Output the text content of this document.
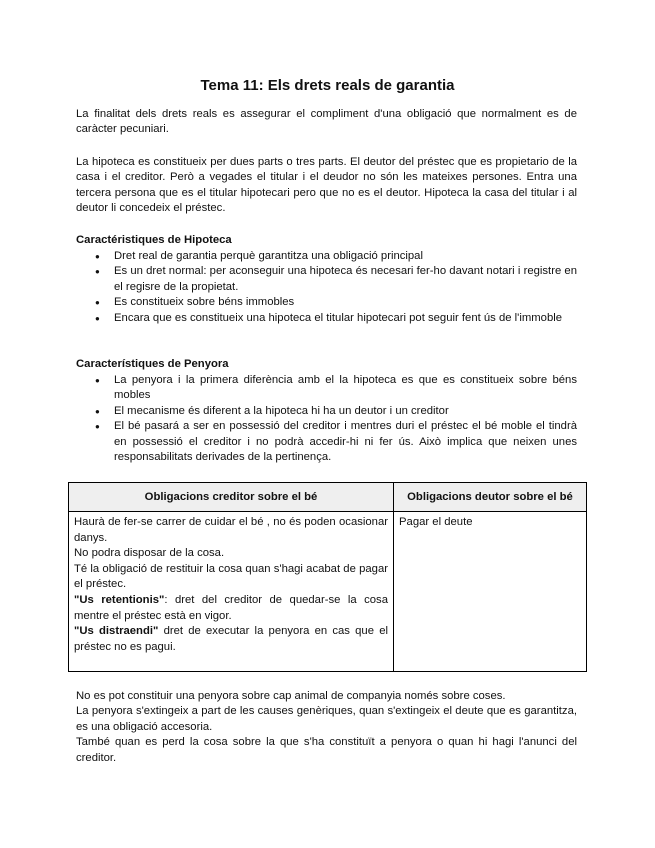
Tema 11: Els drets reals de garantia

La finalitat dels drets reals es assegurar el compliment d'una obligació que normalment es de caràcter pecuniari.

La hipoteca es constitueix per dues parts o tres parts. El deutor del préstec que es propietario de la casa i el creditor. Però a vegades el titular i el deudor no són les mateixes persones. Entra una tercera persona que es el titular hipotecari pero que no es el deutor. Hipoteca la casa del titular i al deutor li concedeix el préstec.

Caractéristiques de Hipoteca

● Dret real de garantia perquè garantitza una obligació principal
● Es un dret normal: per aconseguir una hipoteca és necesari fer-ho davant notari i registre en el regisre de la propietat.
● Es constitueix sobre béns immobles
● Encara que es constitueix una hipoteca el titular hipotecari pot seguir fent ús de l'immoble

Característiques de Penyora

● La penyora i la primera diferència amb el la hipoteca es que es constitueix sobre béns mobles
● El mecanisme és diferent a la hipoteca hi ha un deutor i un creditor
● El bé pasará a ser en possessió del creditor i mentres duri el préstec el bé moble el tindrà en possessió el creditor i no podrà accedir-hi ni fer ús. Això implica que neixen unes responsabilitats derivades de la pertinença.
Obligacions creditor sobre el bé	Obligacions deutor sobre el bé

Haurà de fer-se carrer de cuidar el bé , no és poden ocasionar danys.
No podra disposar de la cosa.
Té la obligació de restituir la cosa quan s'hagi acabat de pagar el préstec.
"Us retentionis": dret del creditor de quedar-se la cosa mentre el préstec està en vigor.
"Us distraendi" dret de executar la penyora en cas que el préstec no es pagui.	Pagar el deute

No es pot constituir una penyora sobre cap animal de companyia només sobre coses.

La penyora s'extingeix a part de les causes genèriques, quan s'extingeix el deute que es garantitza, es una obligació accesoria.

També quan es perd la cosa sobre la que s'ha constituït a penyora o quan hi hagi l'anunci del creditor.
